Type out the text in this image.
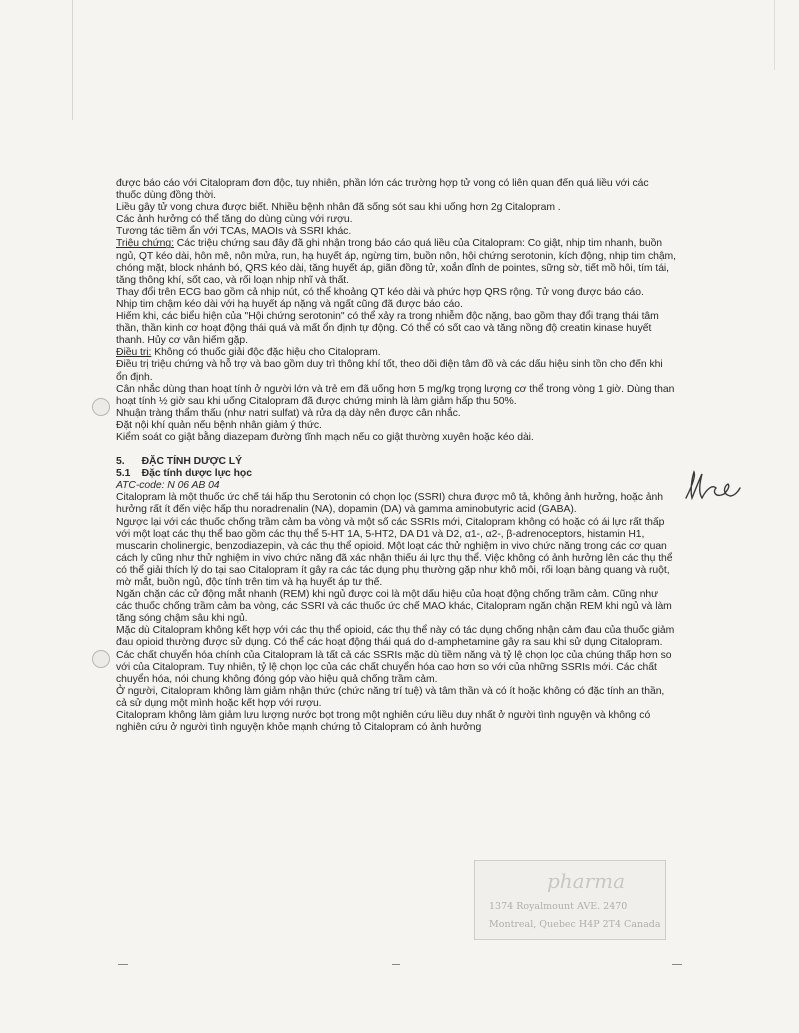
được báo cáo với Citalopram đơn độc, tuy nhiên, phần lớn các trường hợp tử vong có liên quan đến quá liều với các thuốc dùng đồng thời.

Liều gây tử vong chưa được biết. Nhiều bệnh nhân đã sống sót sau khi uống hơn 2g Citalopram .

Các ảnh hưởng có thể tăng do dùng cùng với rượu.

Tương tác tiềm ẩn với TCAs, MAOIs và SSRI khác.

Triệu chứng: Các triệu chứng sau đây đã ghi nhận trong báo cáo quá liều của Citalopram: Co giật, nhịp tim nhanh, buồn ngủ, QT kéo dài, hôn mê, nôn mửa, run, hạ huyết áp, ngừng tim, buồn nôn, hội chứng serotonin, kích động, nhịp tim chậm, chóng mặt, block nhánh bó, QRS kéo dài, tăng huyết áp, giãn đồng tử, xoắn đỉnh de pointes, sững sờ, tiết mồ hôi, tím tái, tăng thông khí, sốt cao, và rối loạn nhịp nhĩ và thất.

Thay đổi trên ECG bao gồm cả nhịp nút, có thể khoảng QT kéo dài và phức hợp QRS rộng. Tử vong được báo cáo.

Nhịp tim chậm kéo dài với hạ huyết áp nặng và ngất cũng đã được báo cáo.

Hiếm khi, các biểu hiện của "Hội chứng serotonin" có thể xảy ra trong nhiễm độc nặng, bao gồm thay đổi trạng thái tâm thần, thần kinh cơ hoạt động thái quá và mất ổn định tự động. Có thể có sốt cao và tăng nồng độ creatin kinase huyết thanh. Hủy cơ vân hiếm gặp.

Điều trị: Không có thuốc giải độc đặc hiệu cho Citalopram.

Điều trị triệu chứng và hỗ trợ và bao gồm duy trì thông khí tốt, theo dõi điện tâm đồ và các dấu hiệu sinh tồn cho đến khi ổn định.

Cân nhắc dùng than hoạt tính ở người lớn và trẻ em đã uống hơn 5 mg/kg trọng lượng cơ thể trong vòng 1 giờ. Dùng than hoạt tính ½ giờ sau khi uống Citalopram đã được chứng minh là làm giảm hấp thu 50%.

Nhuận tràng thẩm thấu (như natri sulfat) và rửa dạ dày nên được cân nhắc.

Đặt nội khí quản nếu bệnh nhân giảm ý thức.

Kiểm soát co giật bằng diazepam đường tĩnh mạch nếu co giật thường xuyên hoặc kéo dài.

5.      ĐẶC TÍNH DƯỢC LÝ

5.1    Đặc tính dược lực học

ATC-code: N 06 AB 04

Citalopram là một thuốc ức chế tái hấp thu Serotonin có chọn lọc (SSRI) chưa được mô tả, không ảnh hưởng, hoặc ảnh hưởng rất ít đến việc hấp thu noradrenalin (NA), dopamin (DA) và gamma aminobutyric acid (GABA).

Ngược lại với các thuốc chống trầm cảm ba vòng và một số các SSRIs mới, Citalopram không có hoặc có ái lực rất thấp với một loạt các thụ thể bao gồm các thụ thể 5-HT 1A, 5-HT2, DA D1 và D2, α1-, α2-, β-adrenoceptors, histamin H1, muscarin cholinergic, benzodiazepin, và các thụ thể opioid. Một loạt các thử nghiệm in vivo chức năng trong các cơ quan cách ly cũng như thử nghiệm in vivo chức năng đã xác nhận thiếu ái lực thụ thể. Việc không có ảnh hưởng lên các thụ thể có thể giải thích lý do tại sao Citalopram ít gây ra các tác dụng phụ thường gặp như khô môi, rối loạn bàng quang và ruột, mờ mắt, buồn ngủ, độc tính trên tim và hạ huyết áp tư thế.

Ngăn chặn các cử động mắt nhanh (REM) khi ngủ được coi là một dấu hiệu của hoạt động chống trầm cảm. Cũng như các thuốc chống trầm cảm ba vòng, các SSRI và các thuốc ức chế MAO khác, Citalopram ngăn chặn REM khi ngủ và làm tăng sóng chậm sâu khi ngủ.

Mặc dù Citalopram không kết hợp với các thụ thể opioid, các thụ thể này có tác dụng chống nhận cảm đau của thuốc giảm đau opioid thường được sử dụng. Có thể các hoạt động thái quá do d-amphetamine gây ra sau khi sử dụng Citalopram.

Các chất chuyển hóa chính của Citalopram là tất cả các SSRIs mặc dù tiềm năng và tỷ lệ chọn lọc của chúng thấp hơn so với của Citalopram. Tuy nhiên, tỷ lệ chọn lọc của các chất chuyển hóa cao hơn so với của những SSRIs mới. Các chất chuyển hóa, nói chung không đóng góp vào hiệu quả chống trầm cảm.

Ở người, Citalopram không làm giảm nhận thức (chức năng trí tuệ) và tâm thần và có ít hoặc không có đặc tính an thần, cả sử dụng một mình hoặc kết hợp với rượu.

Citalopram không làm giảm lưu lượng nước bọt trong một nghiên cứu liều duy nhất ở người tình nguyện và không có nghiên cứu ở người tình nguyện khỏe mạnh chứng tỏ Citalopram có ảnh hưởng

pharma
1374 Royalmount AVE. 2470
Montreal, Quebec H4P 2T4 Canada
